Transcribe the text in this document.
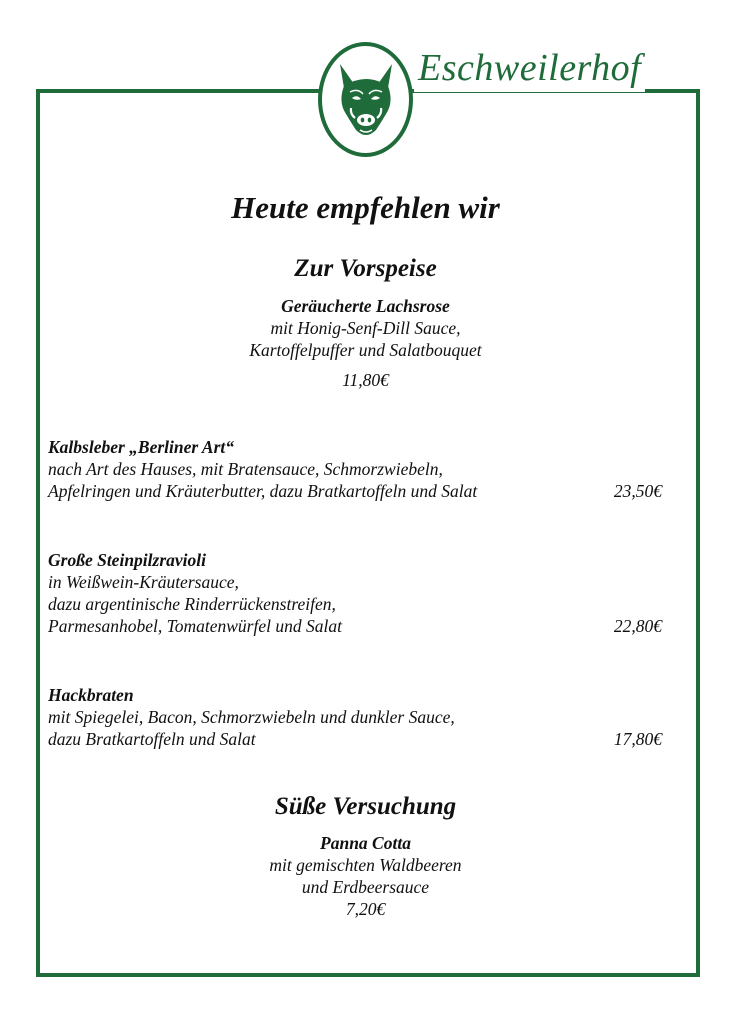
Eschweilerhof
Heute empfehlen wir
Zur Vorspeise
Geräucherte Lachsrose
mit Honig-Senf-Dill Sauce,
Kartoffelpuffer und Salatbouquet
11,80€
Kalbsleber „Berliner Art“
nach Art des Hauses, mit Bratensauce, Schmorzwiebeln,
Apfelringen und Kräuterbutter, dazu Bratkartoffeln und Salat	23,50€
Große Steinpilzravioli
in Weißwein-Kräutersauce,
dazu argentinische Rinderrückenstreifen,
Parmesanhobel, Tomatenwürfel und Salat	22,80€
Hackbraten
mit Spiegelei, Bacon, Schmorzwiebeln und dunkler Sauce,
dazu Bratkartoffeln und Salat	17,80€
Süße Versuchung
Panna Cotta
mit gemischten Waldbeeren
und Erdbeersauce
7,20€
